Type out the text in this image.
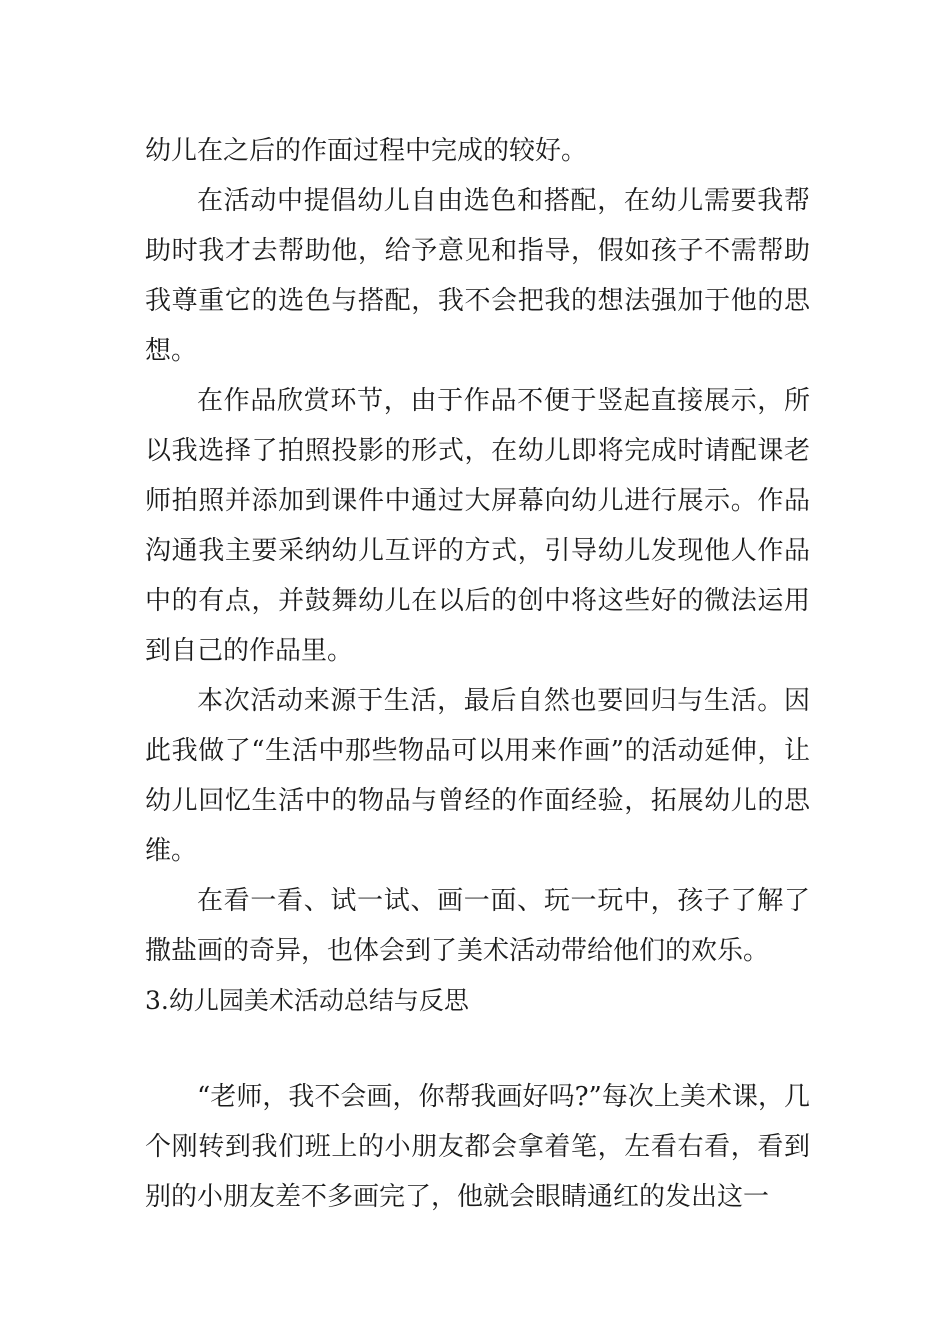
幼儿在之后的作面过程中完成的较好。

在活动中提倡幼儿自由选色和搭配，在幼儿需要我帮助时我才去帮助他，给予意见和指导，假如孩子不需帮助我尊重它的选色与搭配，我不会把我的想法强加于他的思想。

在作品欣赏环节，由于作品不便于竖起直接展示，所以我选择了拍照投影的形式，在幼儿即将完成时请配课老师拍照并添加到课件中通过大屏幕向幼儿进行展示。作品沟通我主要采纳幼儿互评的方式，引导幼儿发现他人作品中的有点，并鼓舞幼儿在以后的创中将这些好的微法运用到自己的作品里。

本次活动来源于生活，最后自然也要回归与生活。因此我做了“生活中那些物品可以用来作画”的活动延伸，让幼儿回忆生活中的物品与曾经的作面经验，拓展幼儿的思维。

在看一看、试一试、画一面、玩一玩中，孩子了解了撒盐画的奇异，也体会到了美术活动带给他们的欢乐。

3.幼儿园美术活动总结与反思

“老师，我不会画，你帮我画好吗?”每次上美术课，几个刚转到我们班上的小朋友都会拿着笔，左看右看，看到别的小朋友差不多画完了，他就会眼睛通红的发出这一
